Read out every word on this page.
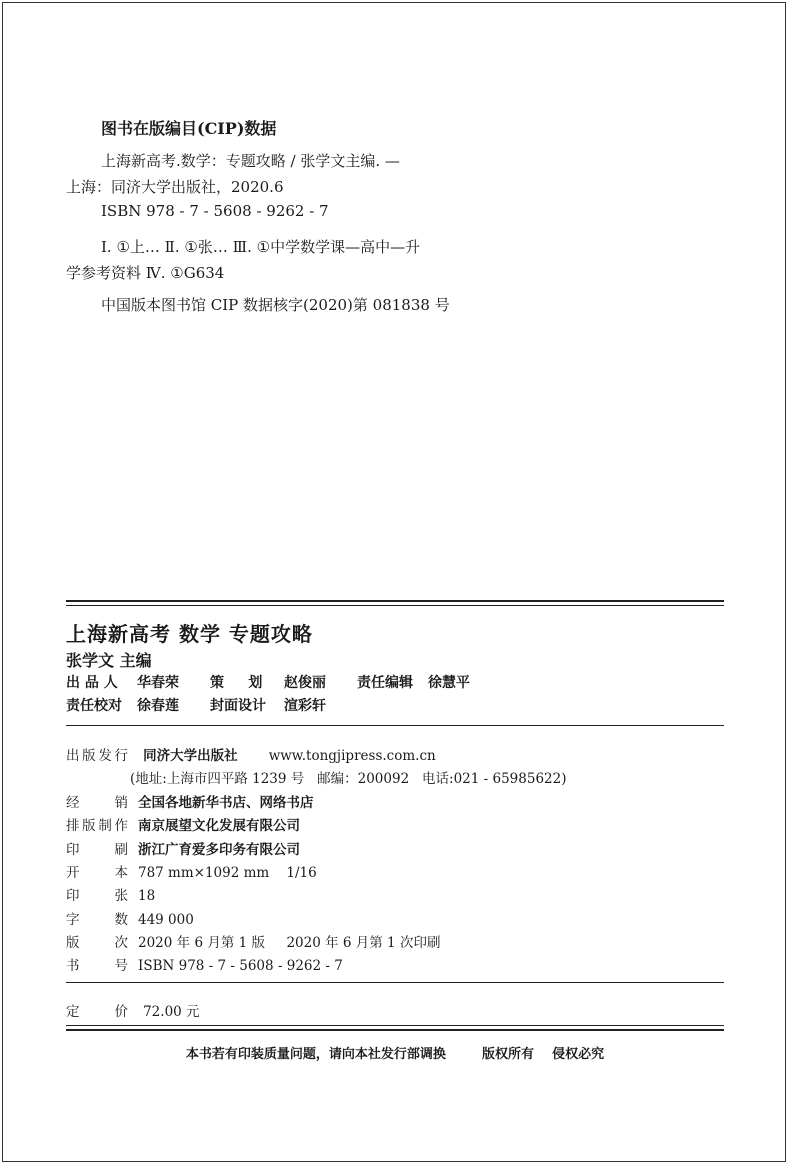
图书在版编目(CIP)数据
上海新高考.数学：专题攻略 / 张学文主编. —
上海：同济大学出版社，2020.6
ISBN 978 - 7 - 5608 - 9262 - 7
Ⅰ. ①上… Ⅱ. ①张… Ⅲ. ①中学数学课—高中—升
学参考资料 Ⅳ. ①G634
中国版本图书馆 CIP 数据核字(2020)第 081838 号
上海新高考 数学 专题攻略
张学文 主编
出 品 人 华春荣 策     划 赵俊丽 责任编辑 徐慧平
责任校对 徐春莲 封面设计 渲彩轩
出版发行 同济大学出版社 www.tongjipress.com.cn
(地址:上海市四平路 1239 号   邮编：200092   电话:021 - 65985622)
经销 全国各地新华书店、网络书店
排版制作 南京展望文化发展有限公司
印刷 浙江广育爱多印务有限公司
开本 787 mm×1092 mm    1/16
印张 18
字数 449 000
版次 2020 年 6 月第 1 版     2020 年 6 月第 1 次印刷
书号 ISBN 978 - 7 - 5608 - 9262 - 7
定价 72.00 元
本书若有印装质量问题，请向本社发行部调换        版权所有    侵权必究
